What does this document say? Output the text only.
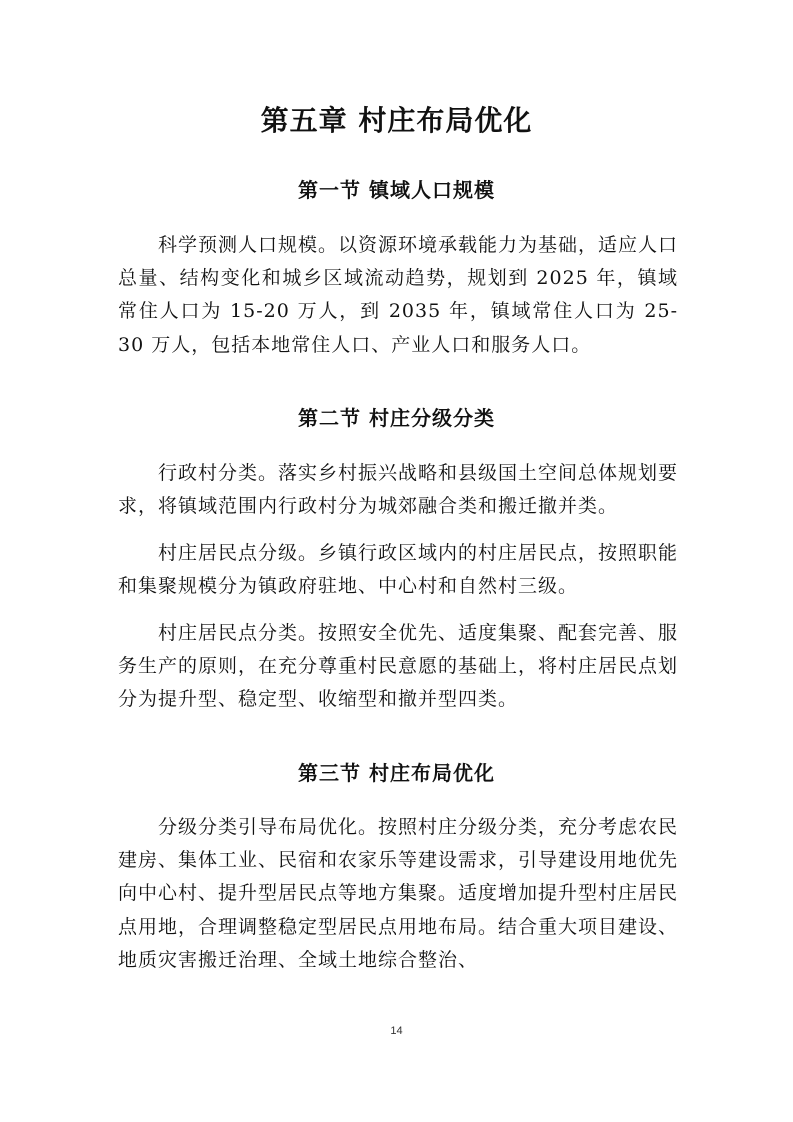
第五章 村庄布局优化
第一节 镇域人口规模

科学预测人口规模。以资源环境承载能力为基础，适应人口总量、结构变化和城乡区域流动趋势，规划到 2025 年，镇域常住人口为 15-20 万人，到 2035 年，镇域常住人口为 25-30 万人，包括本地常住人口、产业人口和服务人口。

第二节 村庄分级分类

行政村分类。落实乡村振兴战略和县级国土空间总体规划要求，将镇域范围内行政村分为城郊融合类和搬迁撤并类。

村庄居民点分级。乡镇行政区域内的村庄居民点，按照职能和集聚规模分为镇政府驻地、中心村和自然村三级。

村庄居民点分类。按照安全优先、适度集聚、配套完善、服务生产的原则，在充分尊重村民意愿的基础上，将村庄居民点划分为提升型、稳定型、收缩型和撤并型四类。

第三节 村庄布局优化

分级分类引导布局优化。按照村庄分级分类，充分考虑农民建房、集体工业、民宿和农家乐等建设需求，引导建设用地优先向中心村、提升型居民点等地方集聚。适度增加提升型村庄居民点用地，合理调整稳定型居民点用地布局。结合重大项目建设、地质灾害搬迁治理、全域土地综合整治、

14
